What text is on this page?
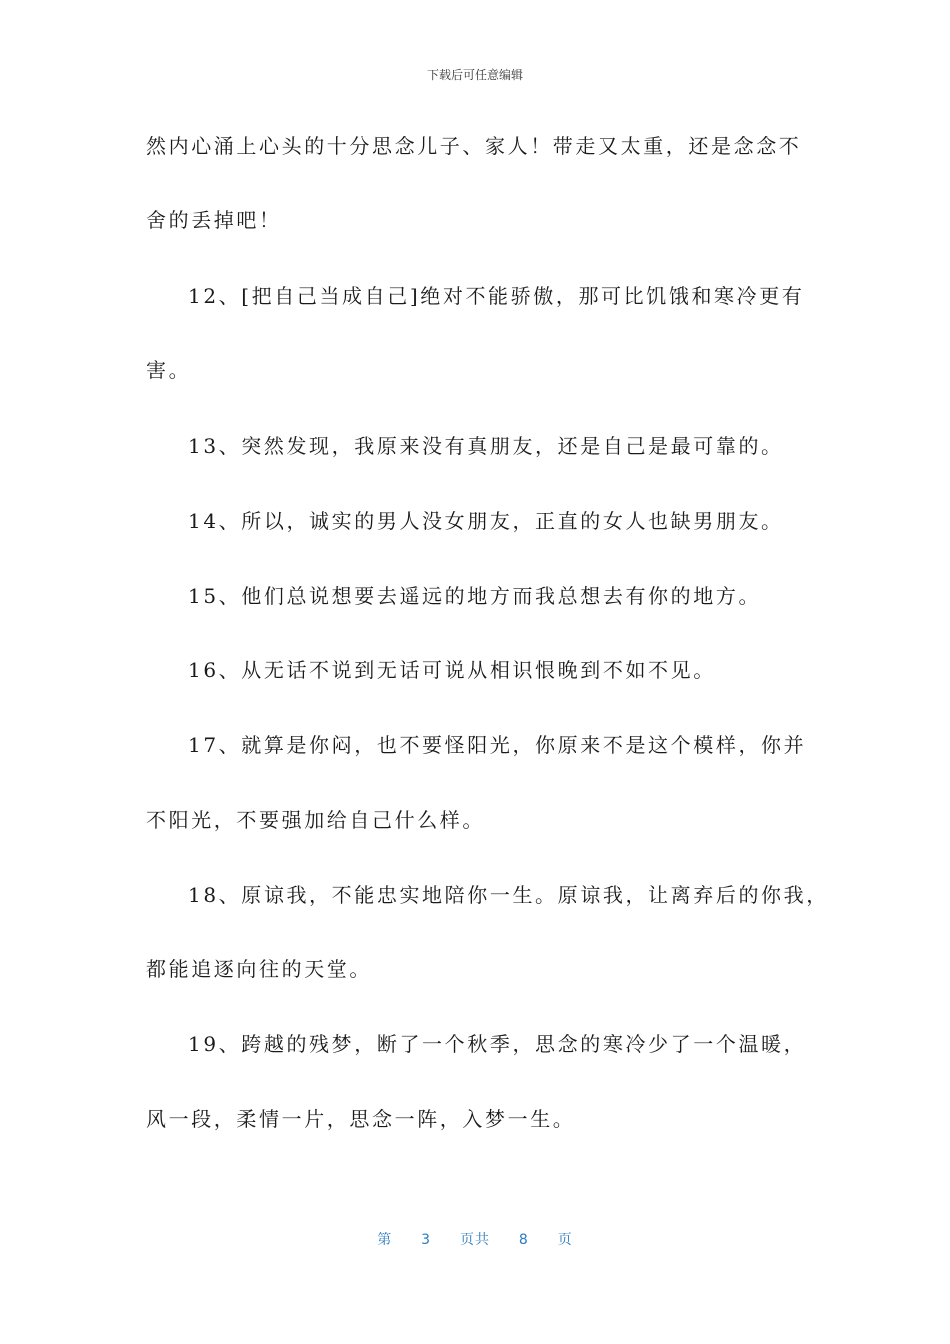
下载后可任意编辑
然内心涌上心头的十分思念儿子、家人！带走又太重，还是念念不
舍的丢掉吧！
12、[把自己当成自己]绝对不能骄傲，那可比饥饿和寒冷更有
害。
13、突然发现，我原来没有真朋友，还是自己是最可靠的。
14、所以，诚实的男人没女朋友，正直的女人也缺男朋友。
15、他们总说想要去遥远的地方而我总想去有你的地方。
16、从无话不说到无话可说从相识恨晚到不如不见。
17、就算是你闷，也不要怪阳光，你原来不是这个模样，你并
不阳光，不要强加给自己什么样。
18、原谅我，不能忠实地陪你一生。原谅我，让离弃后的你我，
都能追逐向往的天堂。
19、跨越的残梦，断了一个秋季，思念的寒冷少了一个温暖，
风一段，柔情一片，思念一阵，入梦一生。
第 3 页共 8 页
